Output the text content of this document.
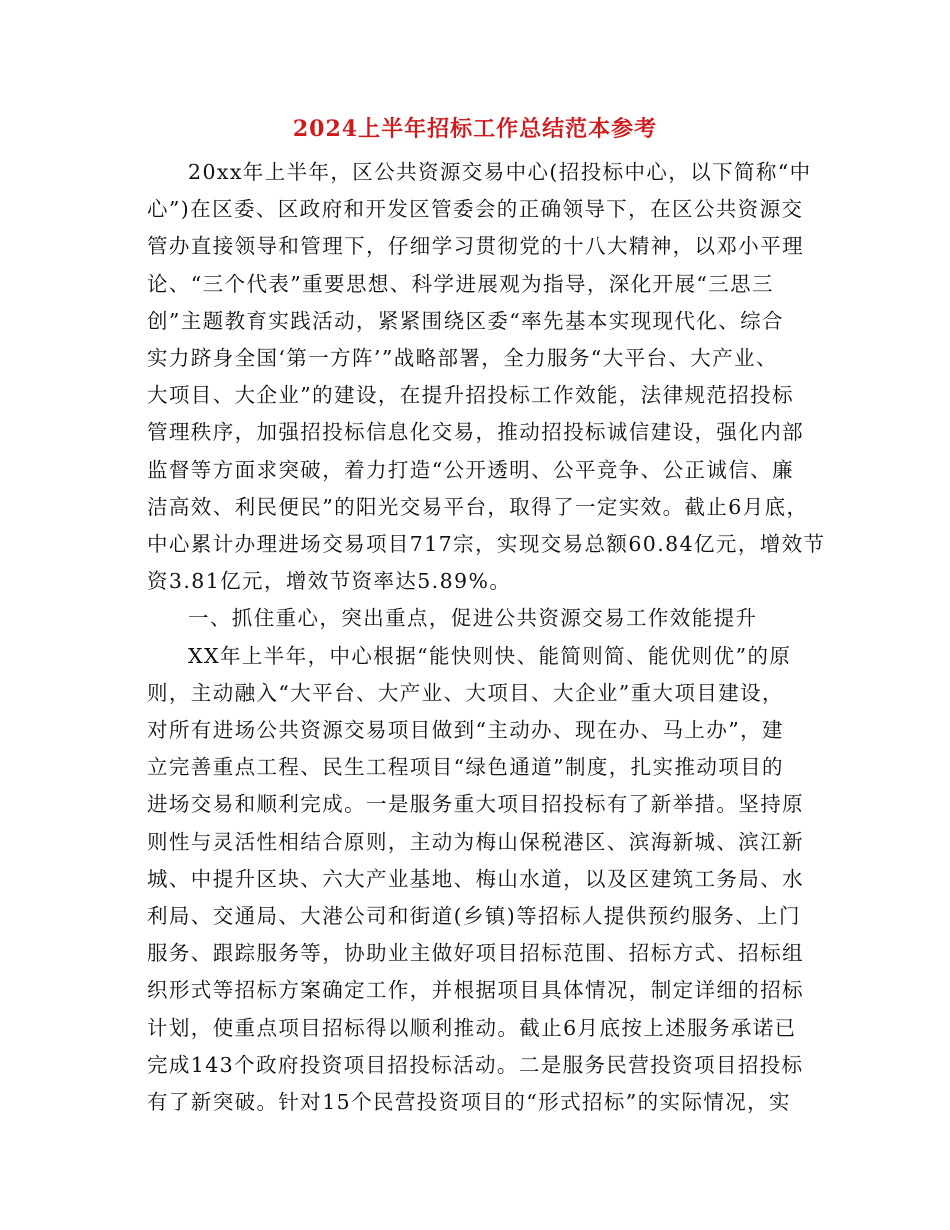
2024上半年招标工作总结范本参考
20xx年上半年，区公共资源交易中心(招投标中心，以下简称“中
心”)在区委、区政府和开发区管委会的正确领导下，在区公共资源交
管办直接领导和管理下，仔细学习贯彻党的十八大精神，以邓小平理
论、“三个代表”重要思想、科学进展观为指导，深化开展“三思三
创”主题教育实践活动，紧紧围绕区委“率先基本实现现代化、综合
实力跻身全国‘第一方阵’”战略部署，全力服务“大平台、大产业、
大项目、大企业”的建设，在提升招投标工作效能，法律规范招投标
管理秩序，加强招投标信息化交易，推动招投标诚信建设，强化内部
监督等方面求突破，着力打造“公开透明、公平竞争、公正诚信、廉
洁高效、利民便民”的阳光交易平台，取得了一定实效。截止6月底，
中心累计办理进场交易项目717宗，实现交易总额60.84亿元，增效节
资3.81亿元，增效节资率达5.89%。
一、抓住重心，突出重点，促进公共资源交易工作效能提升
XX年上半年，中心根据“能快则快、能简则简、能优则优”的原
则，主动融入“大平台、大产业、大项目、大企业”重大项目建设，
对所有进场公共资源交易项目做到“主动办、现在办、马上办”，建
立完善重点工程、民生工程项目“绿色通道”制度，扎实推动项目的
进场交易和顺利完成。一是服务重大项目招投标有了新举措。坚持原
则性与灵活性相结合原则，主动为梅山保税港区、滨海新城、滨江新
城、中提升区块、六大产业基地、梅山水道，以及区建筑工务局、水
利局、交通局、大港公司和街道(乡镇)等招标人提供预约服务、上门
服务、跟踪服务等，协助业主做好项目招标范围、招标方式、招标组
织形式等招标方案确定工作，并根据项目具体情况，制定详细的招标
计划，使重点项目招标得以顺利推动。截止6月底按上述服务承诺已
完成143个政府投资项目招投标活动。二是服务民营投资项目招投标
有了新突破。针对15个民营投资项目的“形式招标”的实际情况，实
